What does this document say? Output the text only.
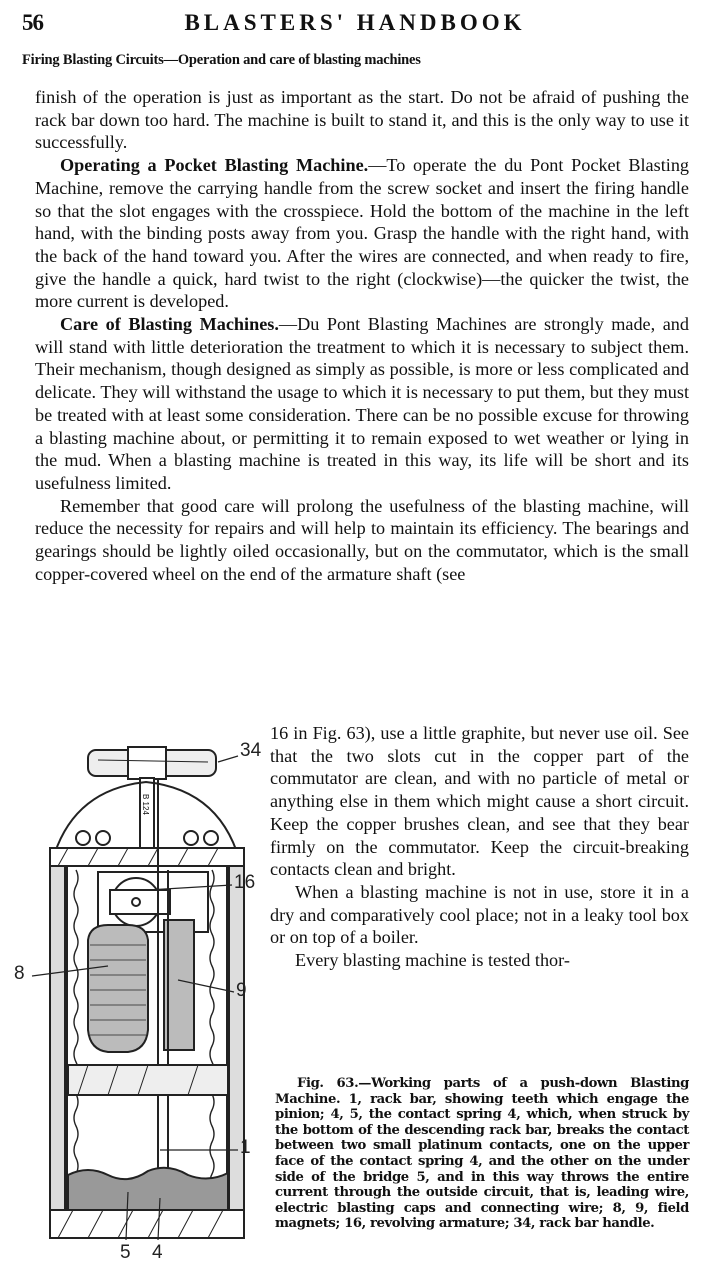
56	BLASTERS' HANDBOOK
Firing Blasting Circuits—Operation and care of blasting machines

finish of the operation is just as important as the start. Do not be afraid of pushing the rack bar down too hard. The machine is built to stand it, and this is the only way to use it successfully.

Operating a Pocket Blasting Machine.—To operate the du Pont Pocket Blasting Machine, remove the carrying handle from the screw socket and insert the firing handle so that the slot engages with the crosspiece. Hold the bottom of the machine in the left hand, with the binding posts away from you. Grasp the handle with the right hand, with the back of the hand toward you. After the wires are connected, and when ready to fire, give the handle a quick, hard twist to the right (clockwise)—the quicker the twist, the more current is developed.

Care of Blasting Machines.—Du Pont Blasting Machines are strongly made, and will stand with little deterioration the treatment to which it is necessary to subject them. Their mechanism, though designed as simply as possible, is more or less complicated and delicate. They will withstand the usage to which it is necessary to put them, but they must be treated with at least some consideration. There can be no possible excuse for throwing a blasting machine about, or permitting it to remain exposed to wet weather or lying in the mud. When a blasting machine is treated in this way, its life will be short and its usefulness limited.

Remember that good care will prolong the usefulness of the blasting machine, will reduce the necessity for repairs and will help to maintain its efficiency. The bearings and gearings should be lightly oiled occasionally, but on the commutator, which is the small copper-covered wheel on the end of the armature shaft (see

16 in Fig. 63), use a little graphite, but never use oil. See that the two slots cut in the copper part of the commutator are clean, and with no particle of metal or anything else in them which might cause a short circuit. Keep the copper brushes clean, and see that they bear firmly on the commutator. Keep the circuit-breaking contacts clean and bright.

When a blasting machine is not in use, store it in a dry and comparatively cool place; not in a leaky tool box or on top of a boiler.

Every blasting machine is tested thor-

34
16
8
9
1
5 4
B 124

Fig. 63.—Working parts of a push-down Blasting Machine. 1, rack bar, showing teeth which engage the pinion; 4, 5, the contact spring 4, which, when struck by the bottom of the descending rack bar, breaks the contact between two small platinum contacts, one on the upper face of the contact spring 4, and the other on the under side of the bridge 5, and in this way throws the entire current through the outside circuit, that is, leading wire, electric blasting caps and connecting wire; 8, 9, field magnets; 16, revolving armature; 34, rack bar handle.
